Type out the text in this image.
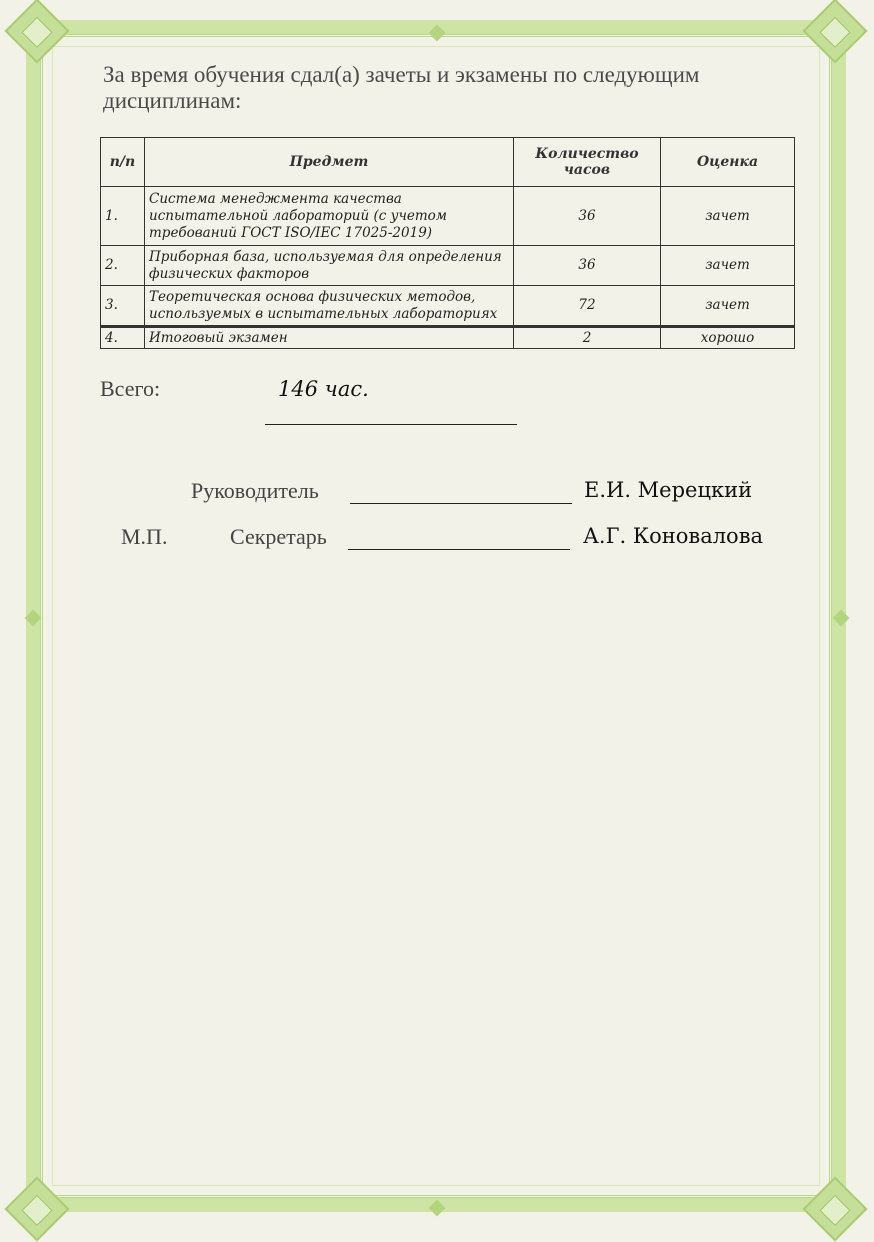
За время обучения сдал(а) зачеты и экзамены по следующим дисциплинам:

п/п	Предмет	Количество часов	Оценка
1.	Система менеджмента качества испытательной лабораторий (с учетом требований ГОСТ ISO/IEC 17025-2019)	36	зачет
2.	Приборная база, используемая для определения физических факторов	36	зачет
3.	Теоретическая основа физических методов, используемых в испытательных лабораториях	72	зачет
4.	Итоговый экзамен	2	хорошо
Всего:	146 час.
Руководитель	Е.И. Мерецкий
М.П.	Секретарь	А.Г. Коновалова
